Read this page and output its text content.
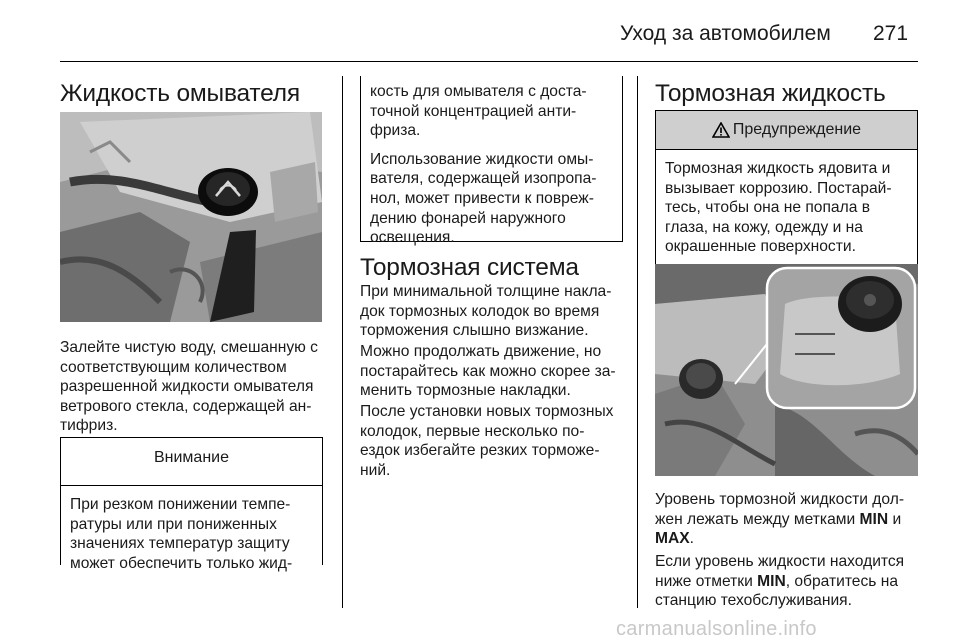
Уход за автомобилем 271
Жидкость омывателя
Залейте чистую воду, смешанную с
соответствующим количеством
разрешенной жидкости омывателя
ветрового стекла, содержащей ан-
тифриз.
Внимание
При резком понижении темпе-
ратуры или при пониженных
значениях температур защиту
может обеспечить только жид-
кость для омывателя с доста-
точной концентрацией анти-
фриза.
Использование жидкости омы-
вателя, содержащей изопропа-
нол, может привести к повреж-
дению фонарей наружного
освещения.
Тормозная система
При минимальной толщине накла-
док тормозных колодок во время
торможения слышно визжание.
Можно продолжать движение, но
постарайтесь как можно скорее за-
менить тормозные накладки.
После установки новых тормозных
колодок, первые несколько по-
ездок избегайте резких торможе-
ний.
Тормозная жидкость
Предупреждение
Тормозная жидкость ядовита и
вызывает коррозию. Постарай-
тесь, чтобы она не попала в
глаза, на кожу, одежду и на
окрашенные поверхности.
Уровень тормозной жидкости дол-
жен лежать между метками MIN и
MAX.
Если уровень жидкости находится
ниже отметки MIN, обратитесь на
станцию техобслуживания.
carmanualsonline.info
